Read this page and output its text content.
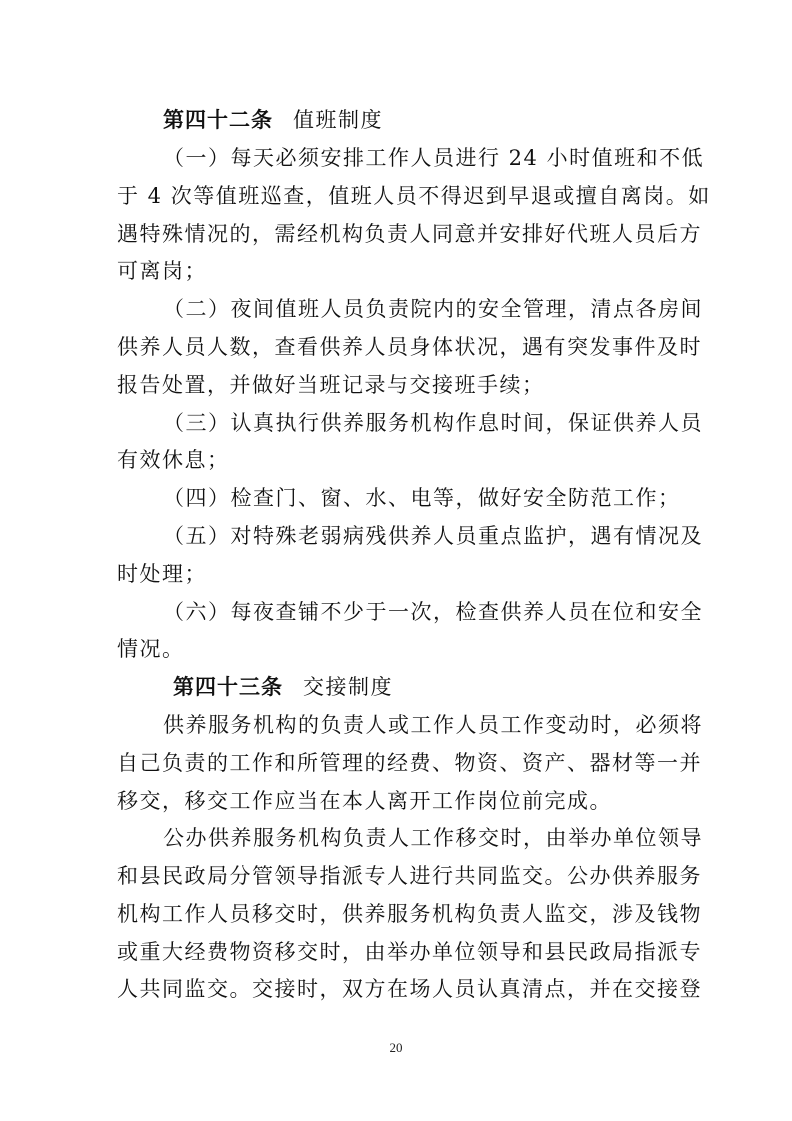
第四十二条 值班制度
（一）每天必须安排工作人员进行 24 小时值班和不低
于 4 次等值班巡查，值班人员不得迟到早退或擅自离岗。如
遇特殊情况的，需经机构负责人同意并安排好代班人员后方
可离岗；
（二）夜间值班人员负责院内的安全管理，清点各房间
供养人员人数，查看供养人员身体状况，遇有突发事件及时
报告处置，并做好当班记录与交接班手续；
（三）认真执行供养服务机构作息时间，保证供养人员
有效休息；
（四）检查门、窗、水、电等，做好安全防范工作；
（五）对特殊老弱病残供养人员重点监护，遇有情况及
时处理；
（六）每夜查铺不少于一次，检查供养人员在位和安全
情况。
第四十三条 交接制度
供养服务机构的负责人或工作人员工作变动时，必须将
自己负责的工作和所管理的经费、物资、资产、器材等一并
移交，移交工作应当在本人离开工作岗位前完成。
公办供养服务机构负责人工作移交时，由举办单位领导
和县民政局分管领导指派专人进行共同监交。公办供养服务
机构工作人员移交时，供养服务机构负责人监交，涉及钱物
或重大经费物资移交时，由举办单位领导和县民政局指派专
人共同监交。交接时，双方在场人员认真清点，并在交接登
20
